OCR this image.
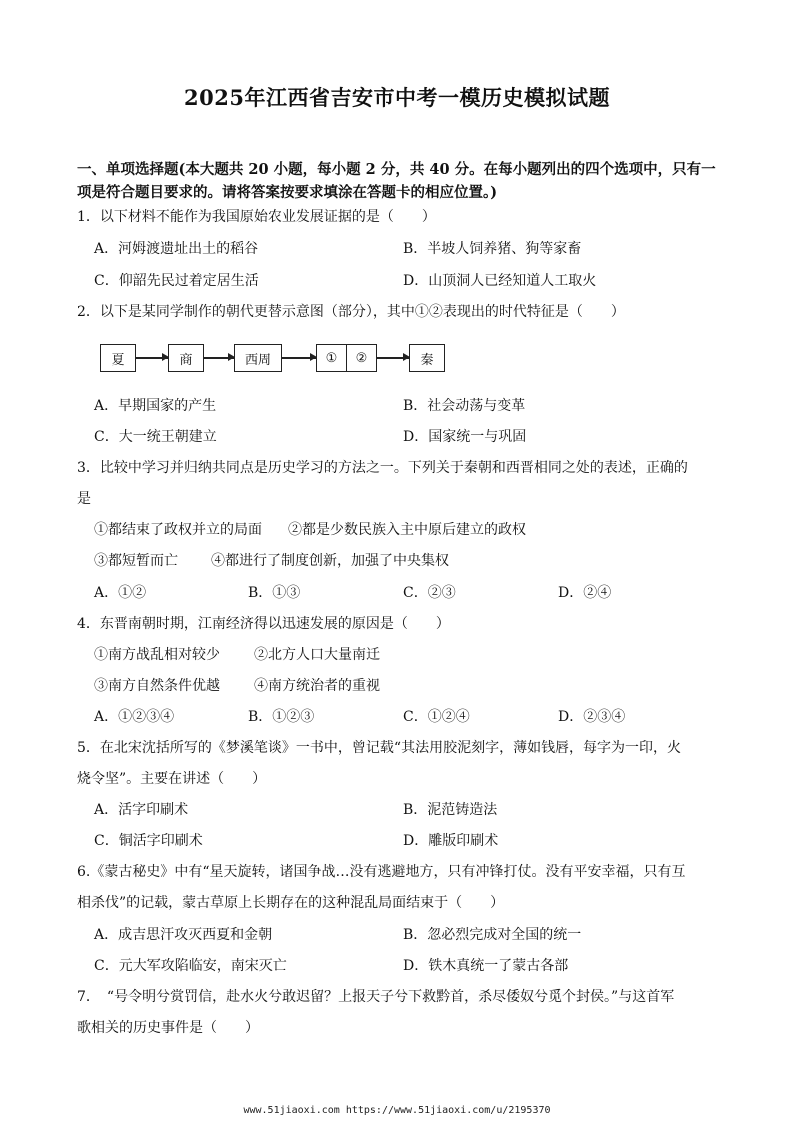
2025年江西省吉安市中考一模历史模拟试题
一、单项选择题(本大题共 20 小题，每小题 2 分，共 40 分。在每小题列出的四个选项中，只有一项是符合题目要求的。请将答案按要求填涂在答题卡的相应位置。)
1．以下材料不能作为我国原始农业发展证据的是（　　）
A．河姆渡遗址出土的稻谷	B．半坡人饲养猪、狗等家畜
C．仰韶先民过着定居生活	D．山顶洞人已经知道人工取火
2．以下是某同学制作的朝代更替示意图（部分），其中①②表现出的时代特征是（　　）
夏	商	西周	①	②	秦
A．早期国家的产生	B．社会动荡与变革
C．大一统王朝建立	D．国家统一与巩固
3．比较中学习并归纳共同点是历史学习的方法之一。下列关于秦朝和西晋相同之处的表述，正确的
是
①都结束了政权并立的局面 ②都是少数民族入主中原后建立的政权
③都短暂而亡 ④都进行了制度创新，加强了中央集权
A．①②	B．①③	C．②③	D．②④
4．东晋南朝时期，江南经济得以迅速发展的原因是（　　）
①南方战乱相对较少 ②北方人口大量南迁
③南方自然条件优越 ④南方统治者的重视
A．①②③④	B．①②③	C．①②④	D．②③④
5．在北宋沈括所写的《梦溪笔谈》一书中，曾记载“其法用胶泥刻字，薄如钱唇，每字为一印，火
烧令坚”。主要在讲述（　　）
A．活字印刷术	B．泥范铸造法
C．铜活字印刷术	D．雕版印刷术
6.《蒙古秘史》中有“星天旋转，诸国争战…没有逃避地方，只有冲锋打仗。没有平安幸福，只有互
相杀伐”的记载，蒙古草原上长期存在的这种混乱局面结束于（　　）
A．成吉思汗攻灭西夏和金朝	B．忽必烈完成对全国的统一
C．元大军攻陷临安，南宋灭亡	D．铁木真统一了蒙古各部
7．　“号令明兮赏罚信，赴水火兮敢迟留？上报天子兮下救黔首，杀尽倭奴兮觅个封侯。”与这首军
歌相关的历史事件是（　　）
www.51jiaoxi.com https://www.51jiaoxi.com/u/2195370
